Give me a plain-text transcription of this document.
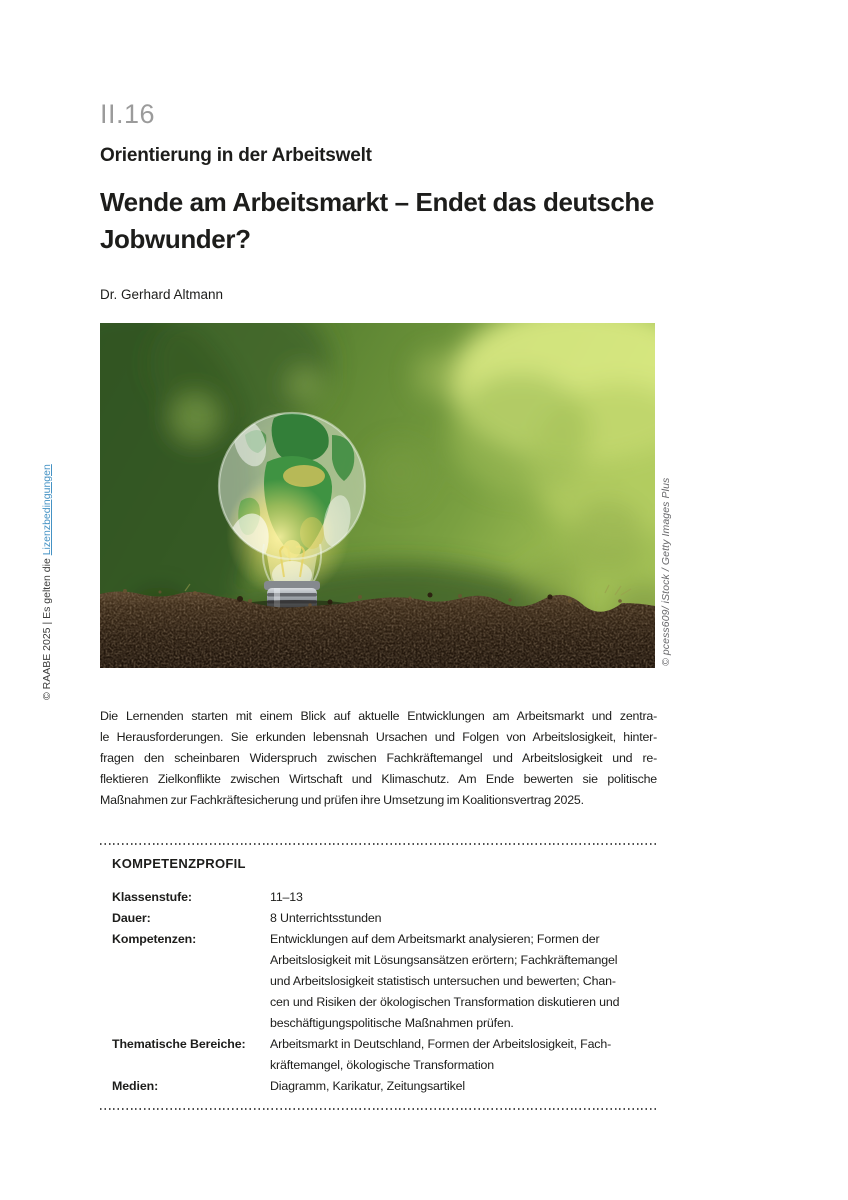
II.16
Orientierung in der Arbeitswelt
Wende am Arbeitsmarkt – Endet das deutsche
Jobwunder?
Dr. Gerhard Altmann
© RAABE 2025 | Es gelten die Lizenzbedingungen	© pcess609/ iStock / Getty Images Plus
Die Lernenden starten mit einem Blick auf aktuelle Entwicklungen am Arbeitsmarkt und zentra-
le Herausforderungen. Sie erkunden lebensnah Ursachen und Folgen von Arbeitslosigkeit, hinter-
fragen den scheinbaren Widerspruch zwischen Fachkräftemangel und Arbeitslosigkeit und re-
flektieren Zielkonflikte zwischen Wirtschaft und Klimaschutz. Am Ende bewerten sie politische
Maßnahmen zur Fachkräftesicherung und prüfen ihre Umsetzung im Koalitionsvertrag 2025.
KOMPETENZPROFIL
Klassenstufe:	11–13
Dauer:	8 Unterrichtsstunden
Kompetenzen:	Entwicklungen auf dem Arbeitsmarkt analysieren; Formen der
Arbeitslosigkeit mit Lösungsansätzen erörtern; Fachkräftemangel
und Arbeitslosigkeit statistisch untersuchen und bewerten; Chan-
cen und Risiken der ökologischen Transformation diskutieren und
beschäftigungspolitische Maßnahmen prüfen.
Thematische Bereiche:	Arbeitsmarkt in Deutschland, Formen der Arbeitslosigkeit, Fach-
kräftemangel, ökologische Transformation
Medien:	Diagramm, Karikatur, Zeitungsartikel
